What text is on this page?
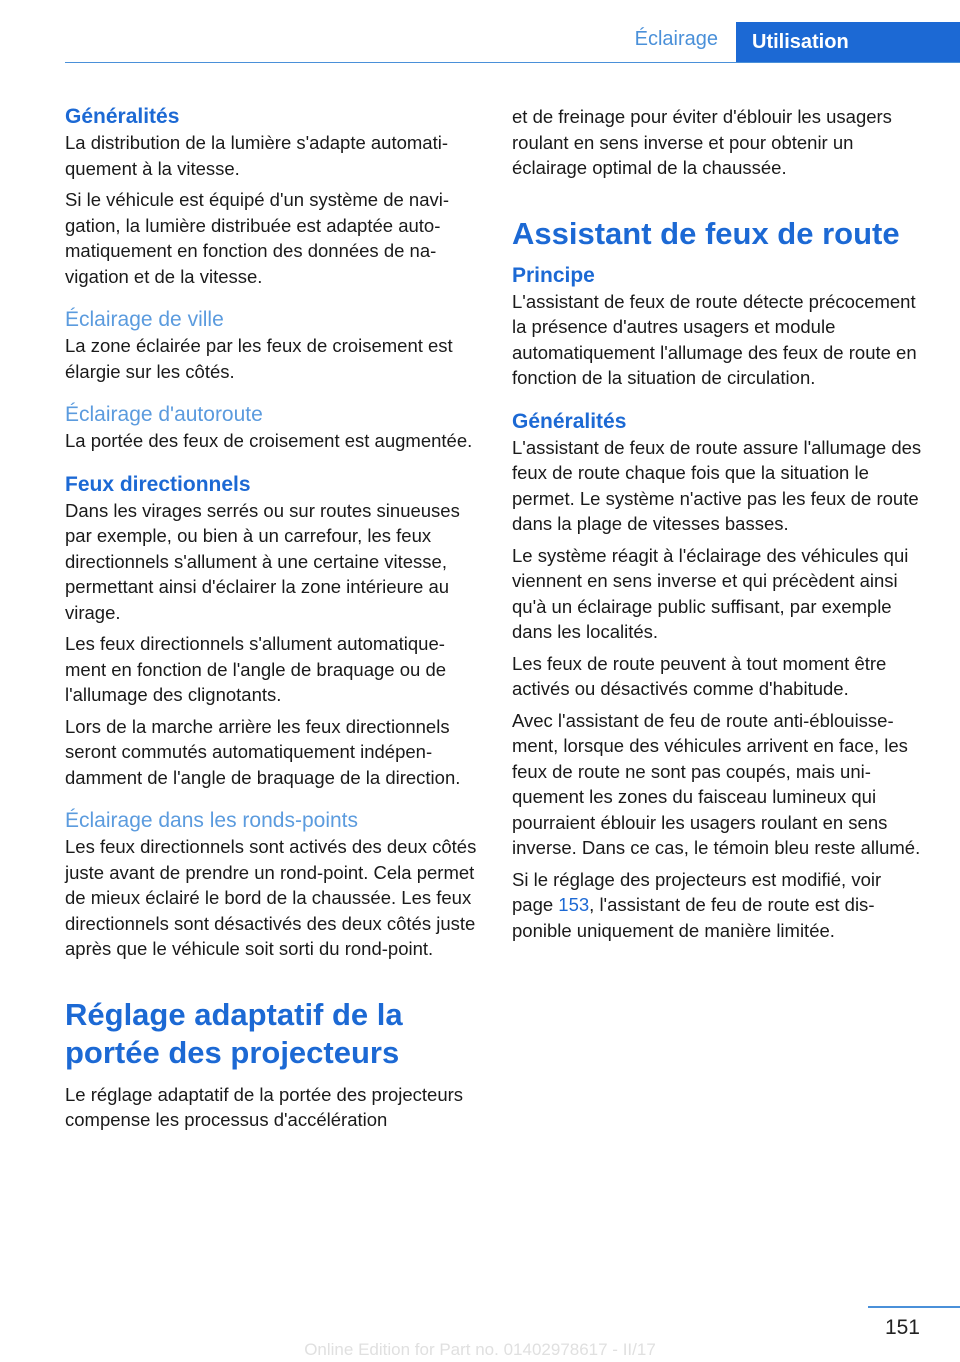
Éclairage	Utilisation
Généralités

La distribution de la lumière s'adapte automatiquement à la vitesse.

Si le véhicule est équipé d'un système de navigation, la lumière distribuée est adaptée automatiquement en fonction des données de navigation et de la vitesse.

Éclairage de ville

La zone éclairée par les feux de croisement est élargie sur les côtés.

Éclairage d'autoroute

La portée des feux de croisement est augmentée.

Feux directionnels

Dans les virages serrés ou sur routes sinueuses par exemple, ou bien à un carrefour, les feux directionnels s'allument à une certaine vitesse, permettant ainsi d'éclairer la zone intérieure au virage.

Les feux directionnels s'allument automatiquement en fonction de l'angle de braquage ou de l'allumage des clignotants.

Lors de la marche arrière les feux directionnels seront commutés automatiquement indépendamment de l'angle de braquage de la direction.

Éclairage dans les ronds-points

Les feux directionnels sont activés des deux côtés juste avant de prendre un rond-point. Cela permet de mieux éclairé le bord de la chaussée. Les feux directionnels sont désactivés des deux côtés juste après que le véhicule soit sorti du rond-point.

Réglage adaptatif de la portée des projecteurs

Le réglage adaptatif de la portée des projecteurs compense les processus d'accélération

et de freinage pour éviter d'éblouir les usagers roulant en sens inverse et pour obtenir un éclairage optimal de la chaussée.

Assistant de feux de route
Principe

L'assistant de feux de route détecte précocement la présence d'autres usagers et module automatiquement l'allumage des feux de route en fonction de la situation de circulation.

Généralités

L'assistant de feux de route assure l'allumage des feux de route chaque fois que la situation le permet. Le système n'active pas les feux de route dans la plage de vitesses basses.

Le système réagit à l'éclairage des véhicules qui viennent en sens inverse et qui précèdent ainsi qu'à un éclairage public suffisant, par exemple dans les localités.

Les feux de route peuvent à tout moment être activés ou désactivés comme d'habitude.

Avec l'assistant de feu de route anti-éblouissement, lorsque des véhicules arrivent en face, les feux de route ne sont pas coupés, mais uniquement les zones du faisceau lumineux qui pourraient éblouir les usagers roulant en sens inverse. Dans ce cas, le témoin bleu reste allumé.

Si le réglage des projecteurs est modifié, voir page 153, l'assistant de feu de route est disponible uniquement de manière limitée.

151
Online Edition for Part no. 01402978617 - II/17
